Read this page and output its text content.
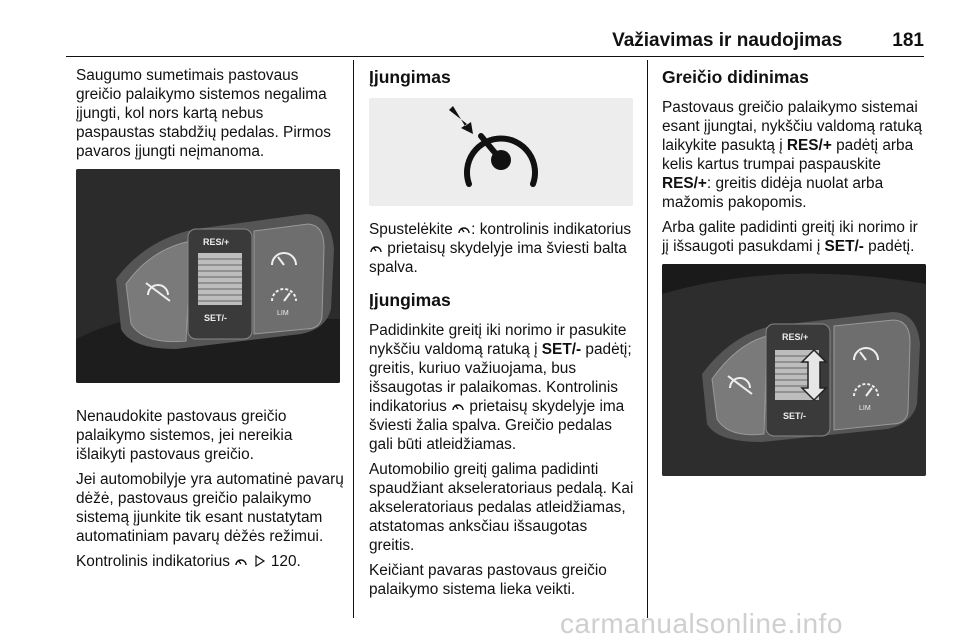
Važiavimas ir naudojimas	181

Saugumo sumetimais pastovaus greičio palaikymo sistemos negalima įjungti, kol nors kartą nebus paspaustas stabdžių pedalas. Pirmos pavaros įjungti neįmanoma.

RES/+
SET/-	LIM

Nenaudokite pastovaus greičio palaikymo sistemos, jei nereikia išlaikyti pastovaus greičio.

Jei automobilyje yra automatinė pavarų dėžė, pastovaus greičio palaikymo sistemą įjunkite tik esant nustatytam automatiniam pavarų dėžės režimui.

Kontrolinis indikatorius	120.

Įjungimas

Spustelėkite : kontrolinis indikatorius  prietaisų skydelyje ima šviesti balta spalva.

Įjungimas

Padidinkite greitį iki norimo ir pasukite nykščiu valdomą ratuką į SET/- padėtį; greitis, kuriuo važiuojama, bus išsaugotas ir palaikomas. Kontrolinis indikatorius prietaisų skydelyje ima šviesti žalia spalva. Greičio pedalas gali būti atleidžiamas.

Automobilio greitį galima padidinti spaudžiant akseleratoriaus pedalą. Kai akseleratoriaus pedalas atleidžiamas, atstatomas anksčiau išsaugotas greitis.

Keičiant pavaras pastovaus greičio palaikymo sistema lieka veikti.

Greičio didinimas

Pastovaus greičio palaikymo sistemai esant įjungtai, nykščiu valdomą ratuką laikykite pasuktą į RES/+ padėtį arba kelis kartus trumpai paspauskite RES/+: greitis didėja nuolat arba mažomis pakopomis.

Arba galite padidinti greitį iki norimo ir jį išsaugoti pasukdami į SET/- padėtį.

RES/+
SET/-
LIM
carmanualsonline.info
